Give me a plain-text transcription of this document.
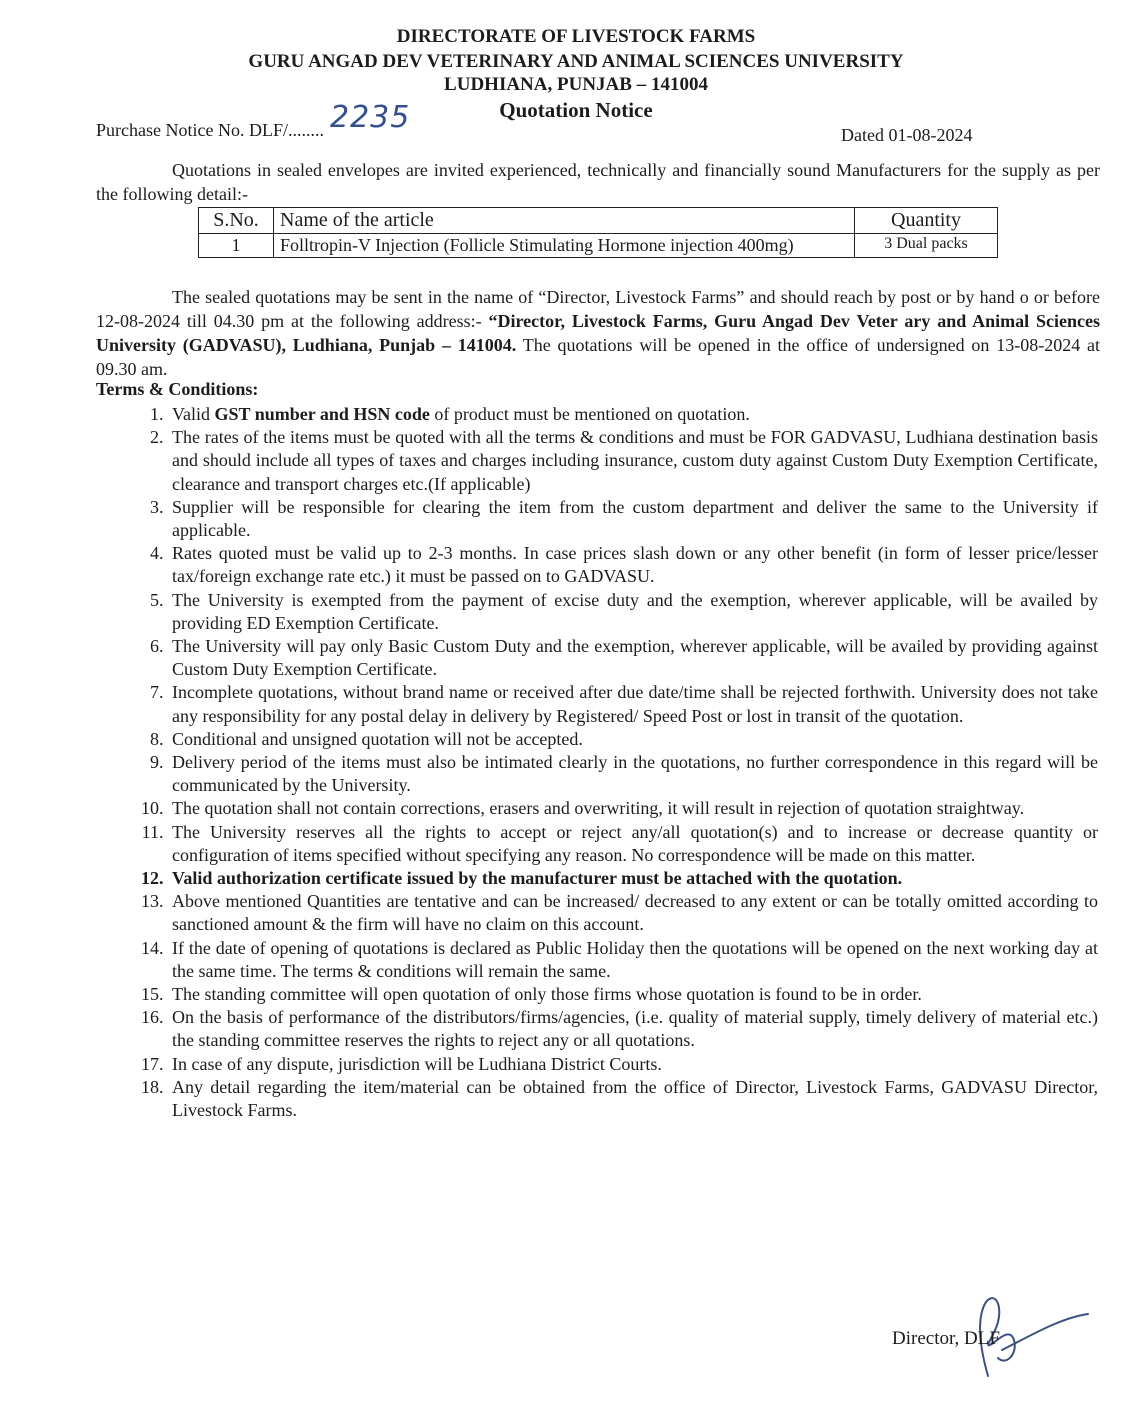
DIRECTORATE OF LIVESTOCK FARMS
GURU ANGAD DEV VETERINARY AND ANIMAL SCIENCES UNIVERSITY
LUDHIANA, PUNJAB – 141004
Quotation Notice
Purchase Notice No. DLF/........ 2235	Dated 01-08-2024
Quotations in sealed envelopes are invited experienced, technically and financially sound Manufacturers for the supply as per the following detail:-
S.No.	Name of the article	Quantity
1	Folltropin-V Injection (Follicle Stimulating Hormone injection 400mg)	3 Dual packs
The sealed quotations may be sent in the name of “Director, Livestock Farms” and should reach by post or by hand o or before 12-08-2024 till 04.30 pm at the following address:- “Director, Livestock Farms, Guru Angad Dev Veter ary and Animal Sciences University (GADVASU), Ludhiana, Punjab – 141004. The quotations will be opened in the office of undersigned on 13-08-2024 at 09.30 am.
Terms & Conditions:
1. Valid GST number and HSN code of product must be mentioned on quotation.
2. The rates of the items must be quoted with all the terms & conditions and must be FOR GADVASU, Ludhiana destination basis and should include all types of taxes and charges including insurance, custom duty against Custom Duty Exemption Certificate, clearance and transport charges etc.(If applicable)
3. Supplier will be responsible for clearing the item from the custom department and deliver the same to the University if applicable.
4. Rates quoted must be valid up to 2-3 months. In case prices slash down or any other benefit (in form of lesser price/lesser tax/foreign exchange rate etc.) it must be passed on to GADVASU.
5. The University is exempted from the payment of excise duty and the exemption, wherever applicable, will be availed by providing ED Exemption Certificate.
6. The University will pay only Basic Custom Duty and the exemption, wherever applicable, will be availed by providing against Custom Duty Exemption Certificate.
7. Incomplete quotations, without brand name or received after due date/time shall be rejected forthwith. University does not take any responsibility for any postal delay in delivery by Registered/ Speed Post or lost in transit of the quotation.
8. Conditional and unsigned quotation will not be accepted.
9. Delivery period of the items must also be intimated clearly in the quotations, no further correspondence in this regard will be communicated by the University.
10. The quotation shall not contain corrections, erasers and overwriting, it will result in rejection of quotation straightway.
11. The University reserves all the rights to accept or reject any/all quotation(s) and to increase or decrease quantity or configuration of items specified without specifying any reason. No correspondence will be made on this matter.
12. Valid authorization certificate issued by the manufacturer must be attached with the quotation.
13. Above mentioned Quantities are tentative and can be increased/ decreased to any extent or can be totally omitted according to sanctioned amount & the firm will have no claim on this account.
14. If the date of opening of quotations is declared as Public Holiday then the quotations will be opened on the next working day at the same time. The terms & conditions will remain the same.
15. The standing committee will open quotation of only those firms whose quotation is found to be in order.
16. On the basis of performance of the distributors/firms/agencies, (i.e. quality of material supply, timely delivery of material etc.) the standing committee reserves the rights to reject any or all quotations.
17. In case of any dispute, jurisdiction will be Ludhiana District Courts.
18. Any detail regarding the item/material can be obtained from the office of Director, Livestock Farms, GADVASU Director, Livestock Farms.
Director, DLF
